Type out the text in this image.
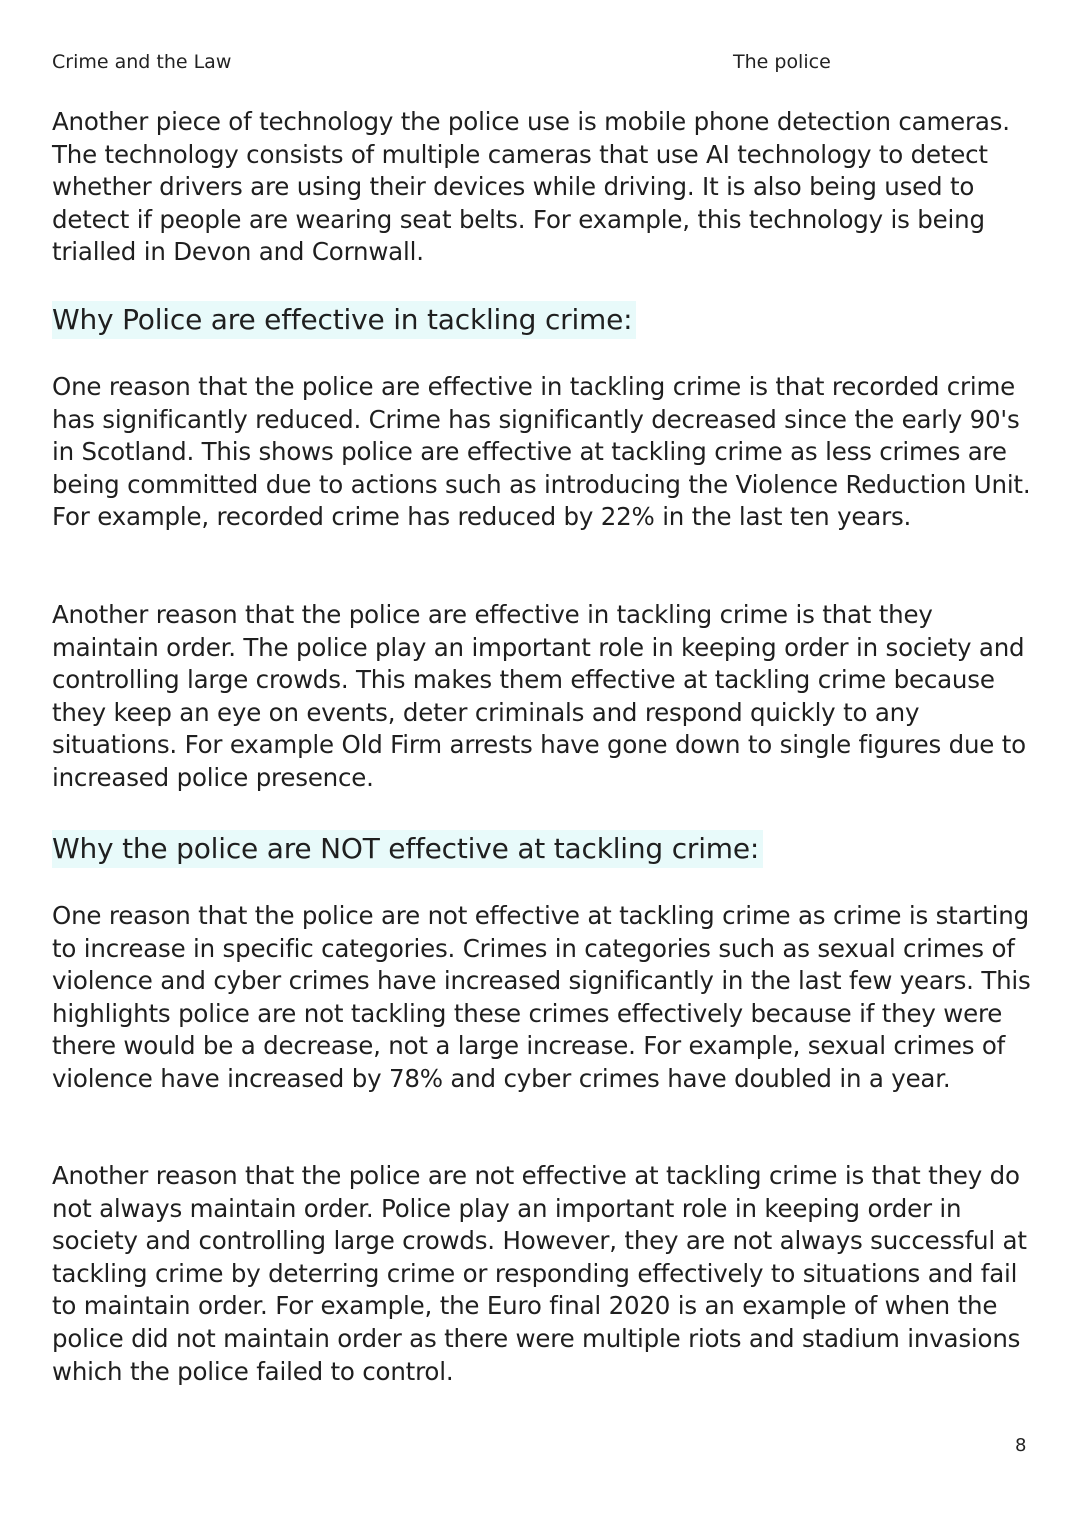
Crime and the Law	The police

Another piece of technology the police use is mobile phone detection cameras. The technology consists of multiple cameras that use AI technology to detect whether drivers are using their devices while driving. It is also being used to detect if people are wearing seat belts. For example, this technology is being trialled in Devon and Cornwall.

Why Police are effective in tackling crime:

One reason that the police are effective in tackling crime is that recorded crime has significantly reduced. Crime has significantly decreased since the early 90's in Scotland. This shows police are effective at tackling crime as less crimes are being committed due to actions such as introducing the Violence Reduction Unit. For example, recorded crime has reduced by 22% in the last ten years.

Another reason that the police are effective in tackling crime is that they maintain order. The police play an important role in keeping order in society and controlling large crowds. This makes them effective at tackling crime because they keep an eye on events, deter criminals and respond quickly to any situations. For example Old Firm arrests have gone down to single figures due to increased police presence.

Why the police are NOT effective at tackling crime:

One reason that the police are not effective at tackling crime as crime is starting to increase in specific categories. Crimes in categories such as sexual crimes of violence and cyber crimes have increased significantly in the last few years. This highlights police are not tackling these crimes effectively because if they were there would be a decrease, not a large increase. For example, sexual crimes of violence have increased by 78% and cyber crimes have doubled in a year.

Another reason that the police are not effective at tackling crime is that they do not always maintain order. Police play an important role in keeping order in society and controlling large crowds. However, they are not always successful at tackling crime by deterring crime or responding effectively to situations and fail to maintain order. For example, the Euro final 2020 is an example of when the police did not maintain order as there were multiple riots and stadium invasions which the police failed to control.

8
